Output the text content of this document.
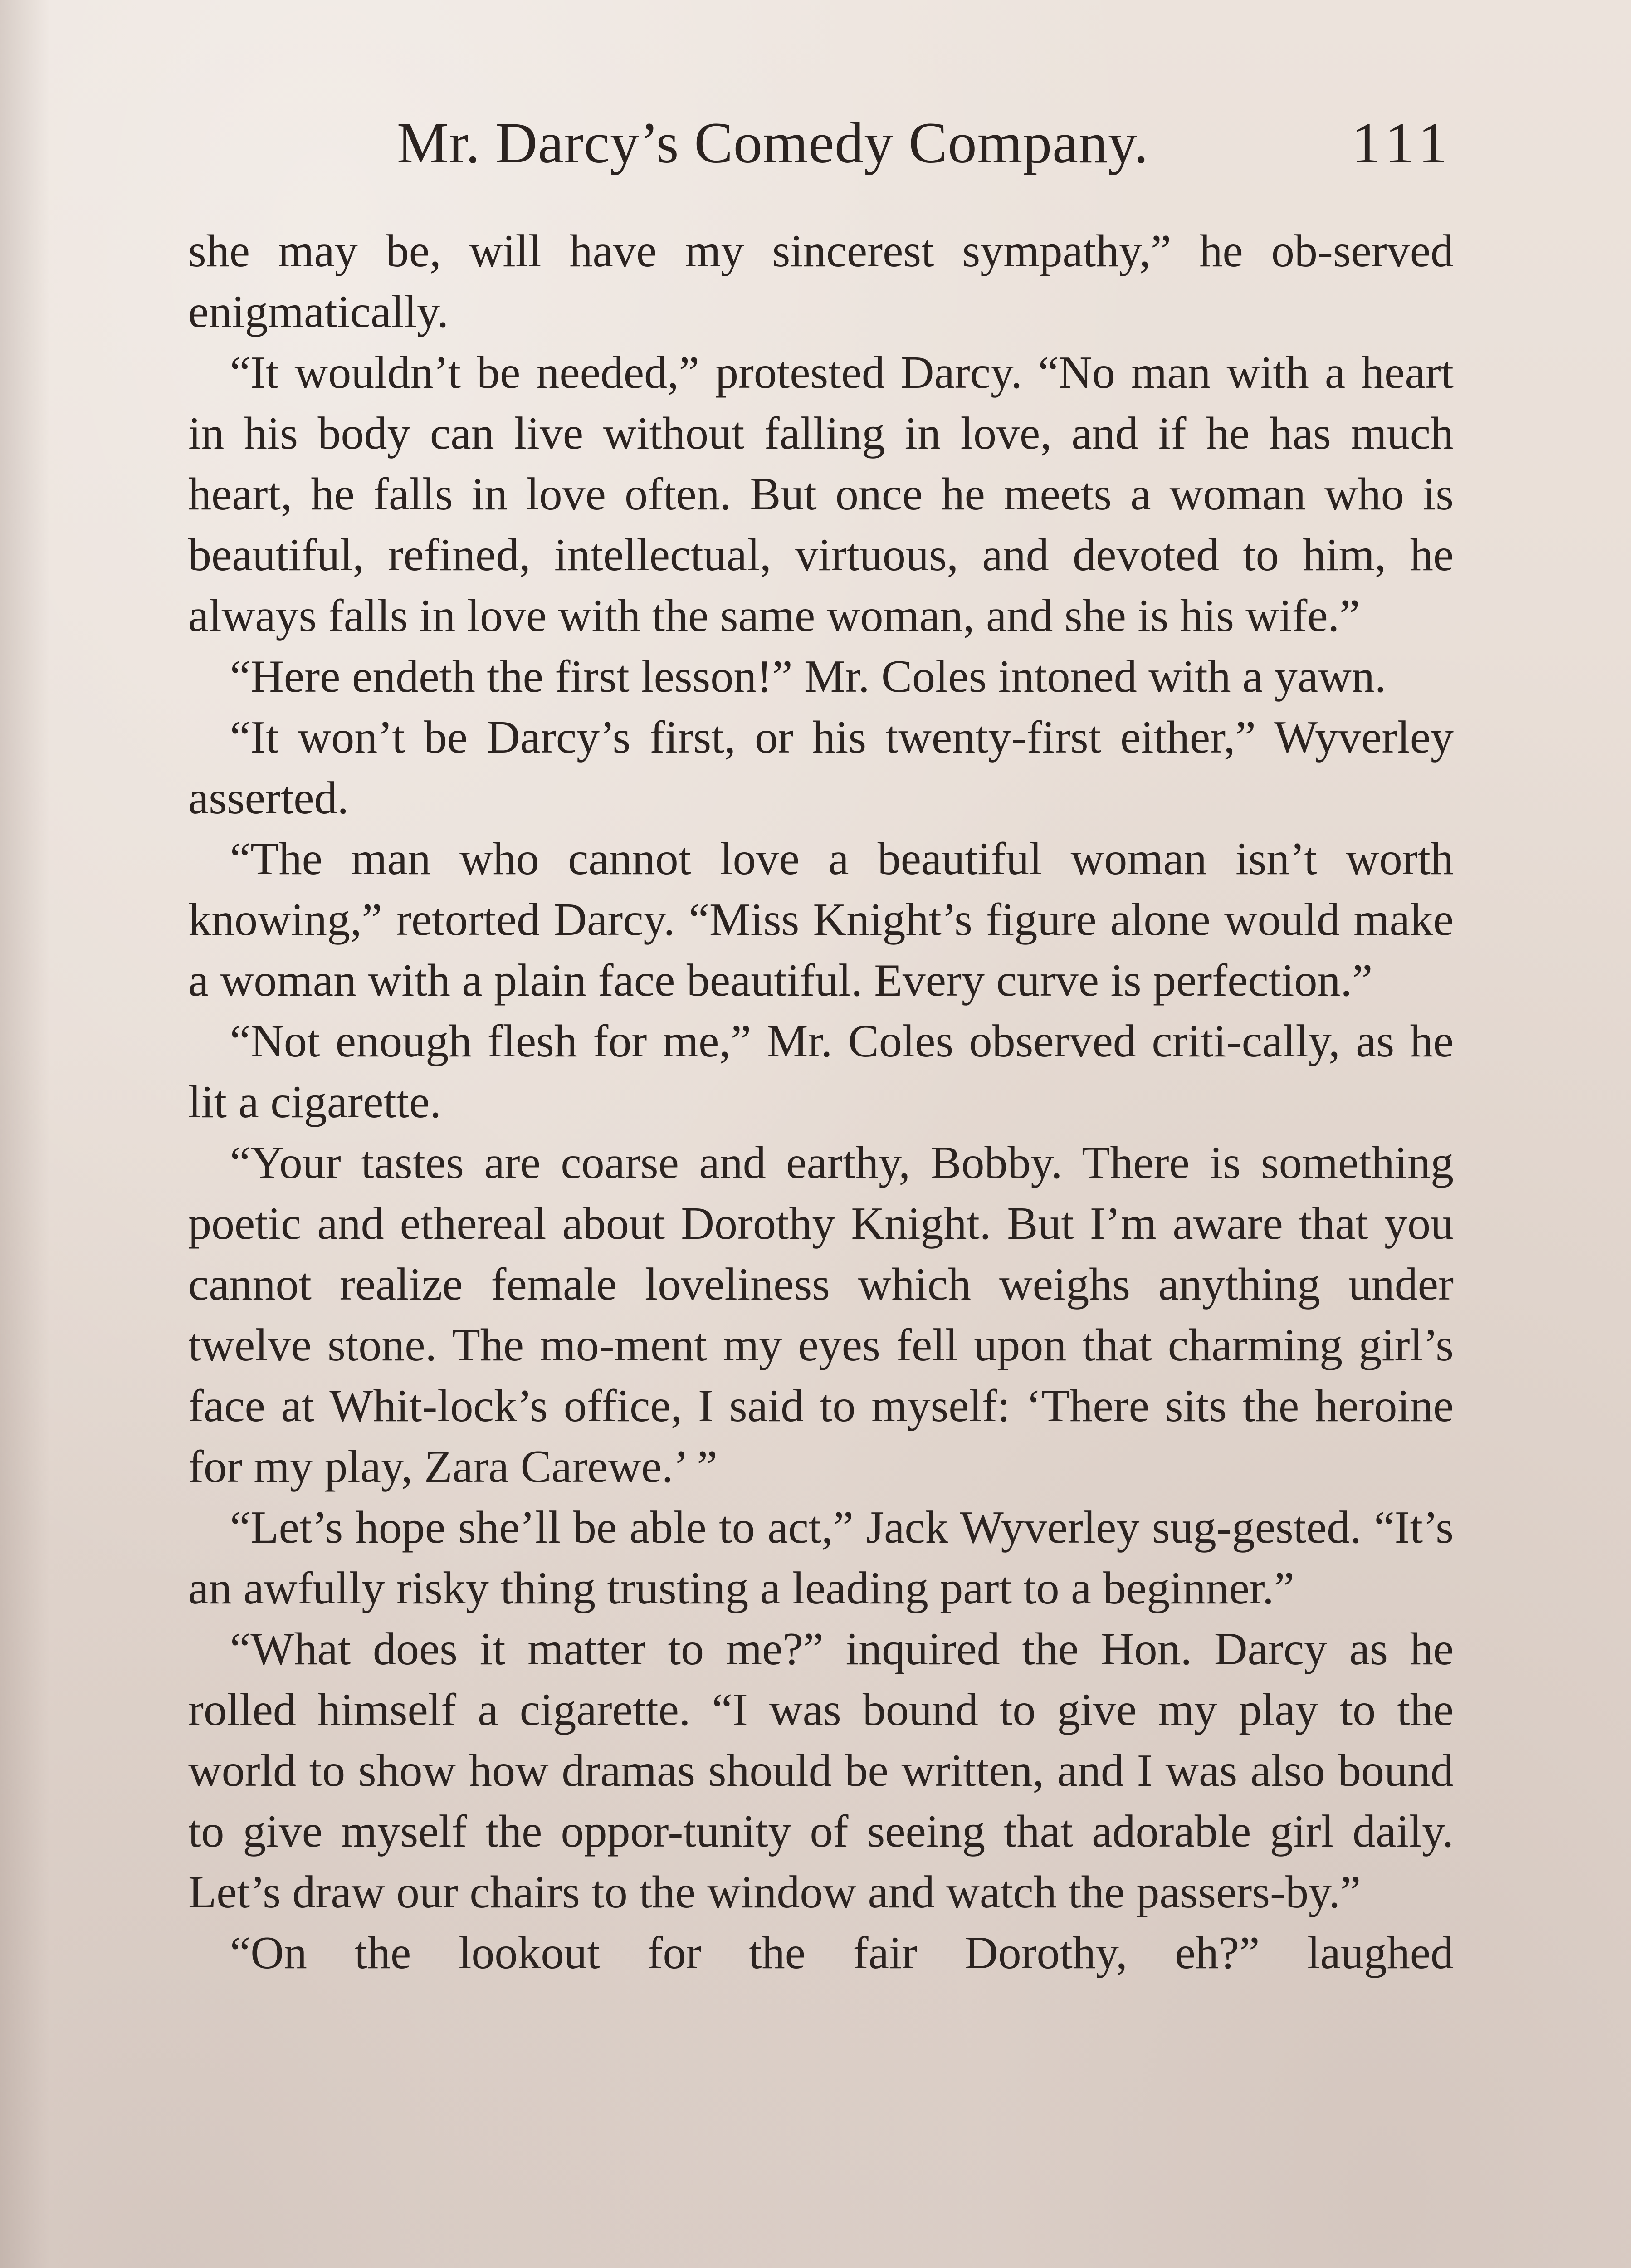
Mr. Darcy’s Comedy Company.	111

she may be, will have my sincerest sympathy,” he ob-served enigmatically.

“It wouldn’t be needed,” protested Darcy. “No man with a heart in his body can live without falling in love, and if he has much heart, he falls in love often. But once he meets a woman who is beautiful, refined, intellectual, virtuous, and devoted to him, he always falls in love with the same woman, and she is his wife.”

“Here endeth the first lesson!” Mr. Coles intoned with a yawn.

“It won’t be Darcy’s first, or his twenty-first either,” Wyverley asserted.

“The man who cannot love a beautiful woman isn’t worth knowing,” retorted Darcy. “Miss Knight’s figure alone would make a woman with a plain face beautiful. Every curve is perfection.”

“Not enough flesh for me,” Mr. Coles observed criti-cally, as he lit a cigarette.

“Your tastes are coarse and earthy, Bobby. There is something poetic and ethereal about Dorothy Knight. But I’m aware that you cannot realize female loveliness which weighs anything under twelve stone. The mo-ment my eyes fell upon that charming girl’s face at Whit-lock’s office, I said to myself: ‘There sits the heroine for my play, Zara Carewe.’ ”

“Let’s hope she’ll be able to act,” Jack Wyverley sug-gested. “It’s an awfully risky thing trusting a leading part to a beginner.”

“What does it matter to me?” inquired the Hon. Darcy as he rolled himself a cigarette. “I was bound to give my play to the world to show how dramas should be written, and I was also bound to give myself the oppor-tunity of seeing that adorable girl daily. Let’s draw our chairs to the window and watch the passers-by.”

“On the lookout for the fair Dorothy, eh?” laughed
